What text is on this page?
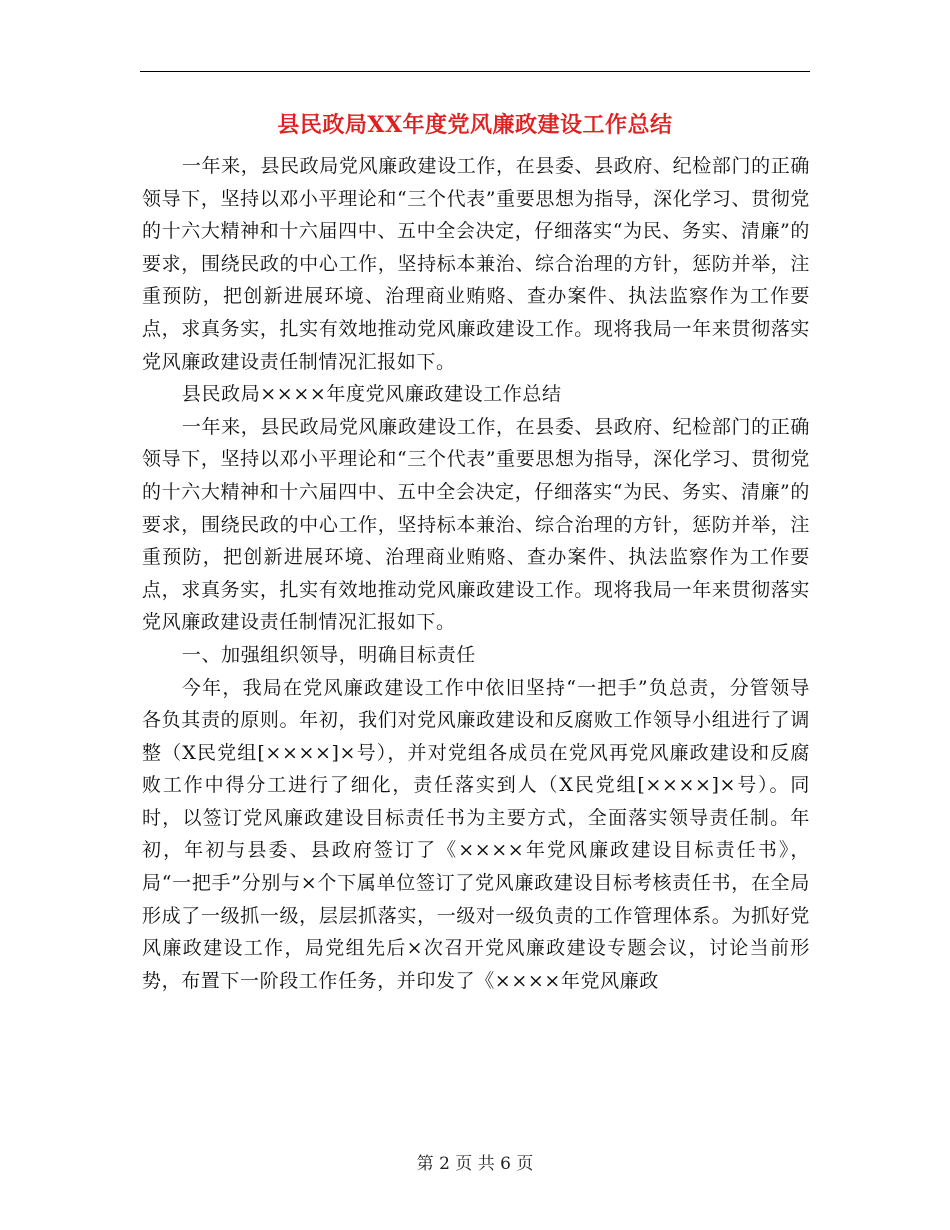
县民政局XX年度党风廉政建设工作总结

一年来，县民政局党风廉政建设工作，在县委、县政府、纪检部门的正确领导下，坚持以邓小平理论和“三个代表”重要思想为指导，深化学习、贯彻党的十六大精神和十六届四中、五中全会决定，仔细落实“为民、务实、清廉”的要求，围绕民政的中心工作，坚持标本兼治、综合治理的方针，惩防并举，注重预防，把创新进展环境、治理商业贿赂、查办案件、执法监察作为工作要点，求真务实，扎实有效地推动党风廉政建设工作。现将我局一年来贯彻落实党风廉政建设责任制情况汇报如下。

县民政局××××年度党风廉政建设工作总结

一年来，县民政局党风廉政建设工作，在县委、县政府、纪检部门的正确领导下，坚持以邓小平理论和“三个代表”重要思想为指导，深化学习、贯彻党的十六大精神和十六届四中、五中全会决定，仔细落实“为民、务实、清廉”的要求，围绕民政的中心工作，坚持标本兼治、综合治理的方针，惩防并举，注重预防，把创新进展环境、治理商业贿赂、查办案件、执法监察作为工作要点，求真务实，扎实有效地推动党风廉政建设工作。现将我局一年来贯彻落实党风廉政建设责任制情况汇报如下。

一、加强组织领导，明确目标责任

今年，我局在党风廉政建设工作中依旧坚持“一把手”负总责，分管领导各负其责的原则。年初，我们对党风廉政建设和反腐败工作领导小组进行了调整（X民党组[××××]×号），并对党组各成员在党风再党风廉政建设和反腐败工作中得分工进行了细化，责任落实到人（X民党组[××××]×号）。同时，以签订党风廉政建设目标责任书为主要方式，全面落实领导责任制。年初，年初与县委、县政府签订了《××××年党风廉政建设目标责任书》，局“一把手”分别与×个下属单位签订了党风廉政建设目标考核责任书，在全局形成了一级抓一级，层层抓落实，一级对一级负责的工作管理体系。为抓好党风廉政建设工作，局党组先后×次召开党风廉政建设专题会议，讨论当前形势，布置下一阶段工作任务，并印发了《××××年党风廉政

第 2 页 共 6 页
